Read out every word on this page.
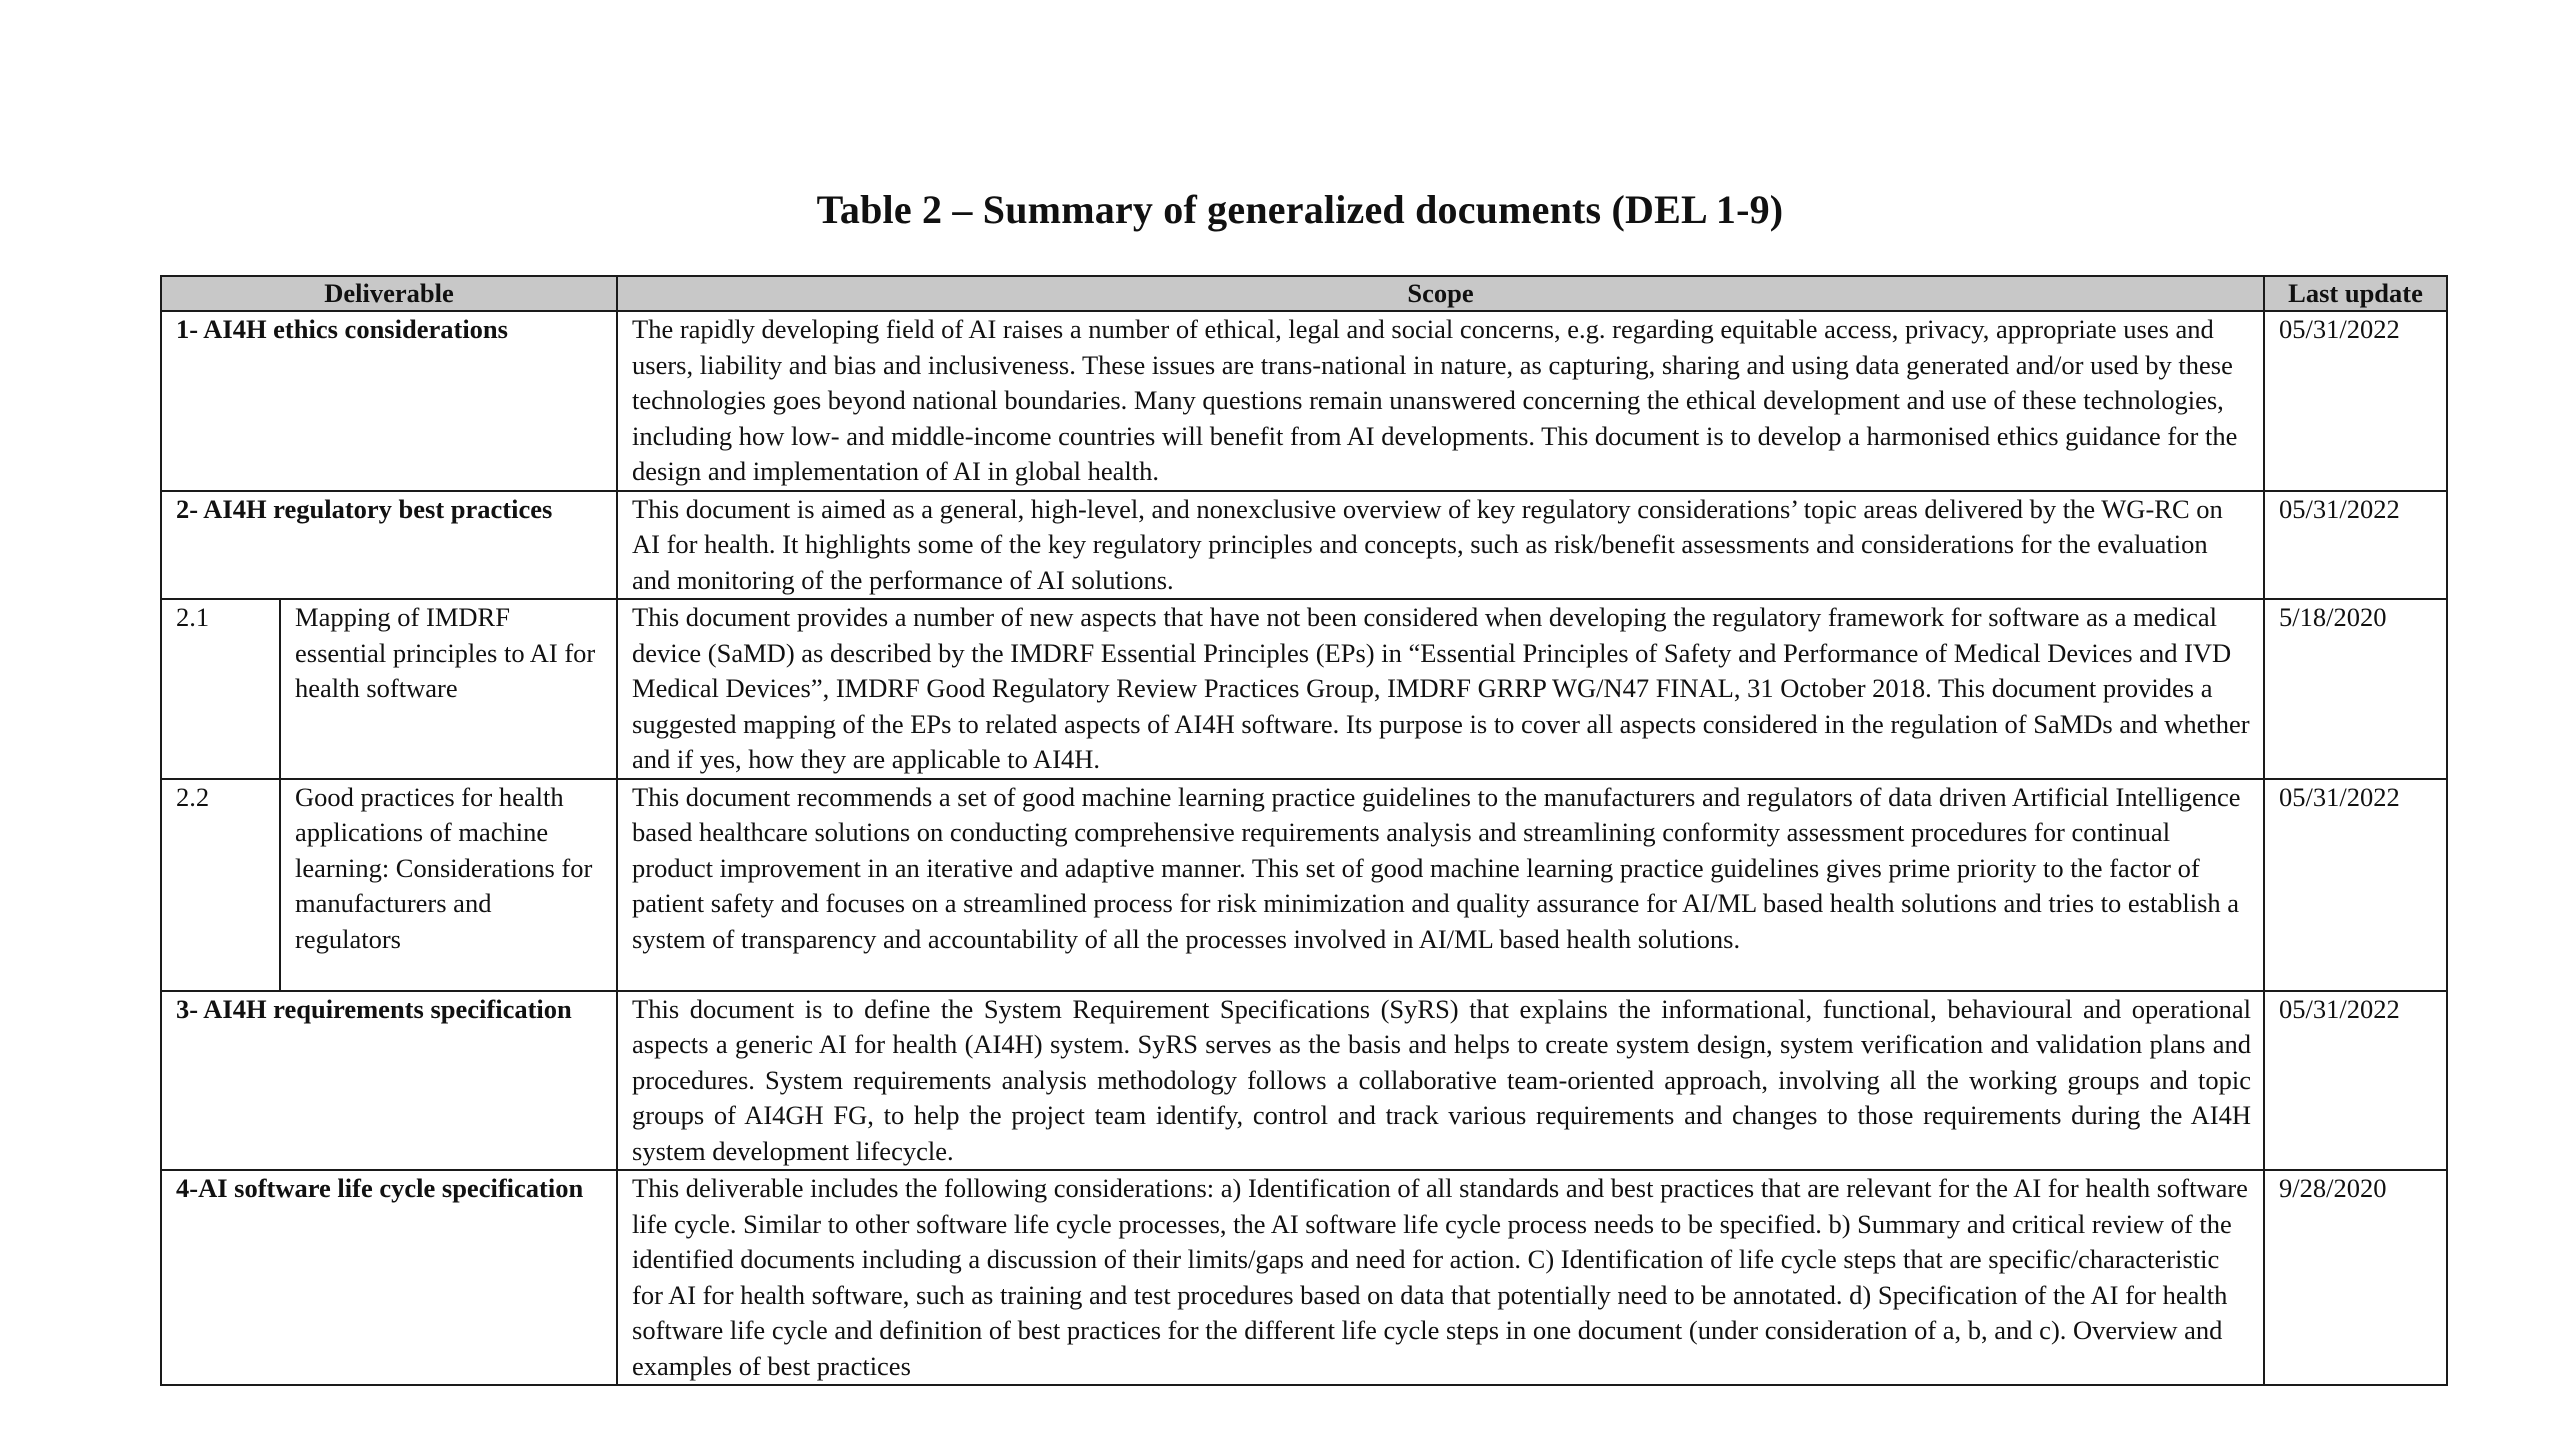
Table 2 – Summary of generalized documents (DEL 1-9)
Deliverable		Scope	Last update
1- AI4H ethics considerations		The rapidly developing field of AI raises a number of ethical, legal and social concerns, e.g. regarding equitable access, privacy, appropriate uses and users, liability and bias and inclusiveness. These issues are trans-national in nature, as capturing, sharing and using data generated and/or used by these technologies goes beyond national boundaries. Many questions remain unanswered concerning the ethical development and use of these technologies, including how low- and middle-income countries will benefit from AI developments. This document is to develop a harmonised ethics guidance for the design and implementation of AI in global health.	05/31/2022
2- AI4H regulatory best practices		This document is aimed as a general, high-level, and nonexclusive overview of key regulatory considerations’ topic areas delivered by the WG-RC on AI for health. It highlights some of the key regulatory principles and concepts, such as risk/benefit assessments and considerations for the evaluation and monitoring of the performance of AI solutions.	05/31/2022
2.1	Mapping of IMDRF essential principles to AI for health software	This document provides a number of new aspects that have not been considered when developing the regulatory framework for software as a medical device (SaMD) as described by the IMDRF Essential Principles (EPs) in “Essential Principles of Safety and Performance of Medical Devices and IVD Medical Devices”, IMDRF Good Regulatory Review Practices Group, IMDRF GRRP WG/N47 FINAL, 31 October 2018. This document provides a suggested mapping of the EPs to related aspects of AI4H software. Its purpose is to cover all aspects considered in the regulation of SaMDs and whether and if yes, how they are applicable to AI4H.	5/18/2020
2.2	Good practices for health applications of machine learning: Considerations for manufacturers and regulators	This document recommends a set of good machine learning practice guidelines to the manufacturers and regulators of data driven Artificial Intelligence based healthcare solutions on conducting comprehensive requirements analysis and streamlining conformity assessment procedures for continual product improvement in an iterative and adaptive manner. This set of good machine learning practice guidelines gives prime priority to the factor of patient safety and focuses on a streamlined process for risk minimization and quality assurance for AI/ML based health solutions and tries to establish a system of transparency and accountability of all the processes involved in AI/ML based health solutions.	05/31/2022
3- AI4H requirements specification		This document is to define the System Requirement Specifications (SyRS) that explains the informational, functional, behavioural and operational aspects a generic AI for health (AI4H) system. SyRS serves as the basis and helps to create system design, system verification and validation plans and procedures. System requirements analysis methodology follows a collaborative team-oriented approach, involving all the working groups and topic groups of AI4GH FG, to help the project team identify, control and track various requirements and changes to those requirements during the AI4H system development lifecycle.	05/31/2022
4-AI software life cycle specification		This deliverable includes the following considerations: a) Identification of all standards and best practices that are relevant for the AI for health software life cycle. Similar to other software life cycle processes, the AI software life cycle process needs to be specified. b) Summary and critical review of the identified documents including a discussion of their limits/gaps and need for action. C) Identification of life cycle steps that are specific/characteristic for AI for health software, such as training and test procedures based on data that potentially need to be annotated. d) Specification of the AI for health software life cycle and definition of best practices for the different life cycle steps in one document (under consideration of a, b, and c). Overview and examples of best practices	9/28/2020
